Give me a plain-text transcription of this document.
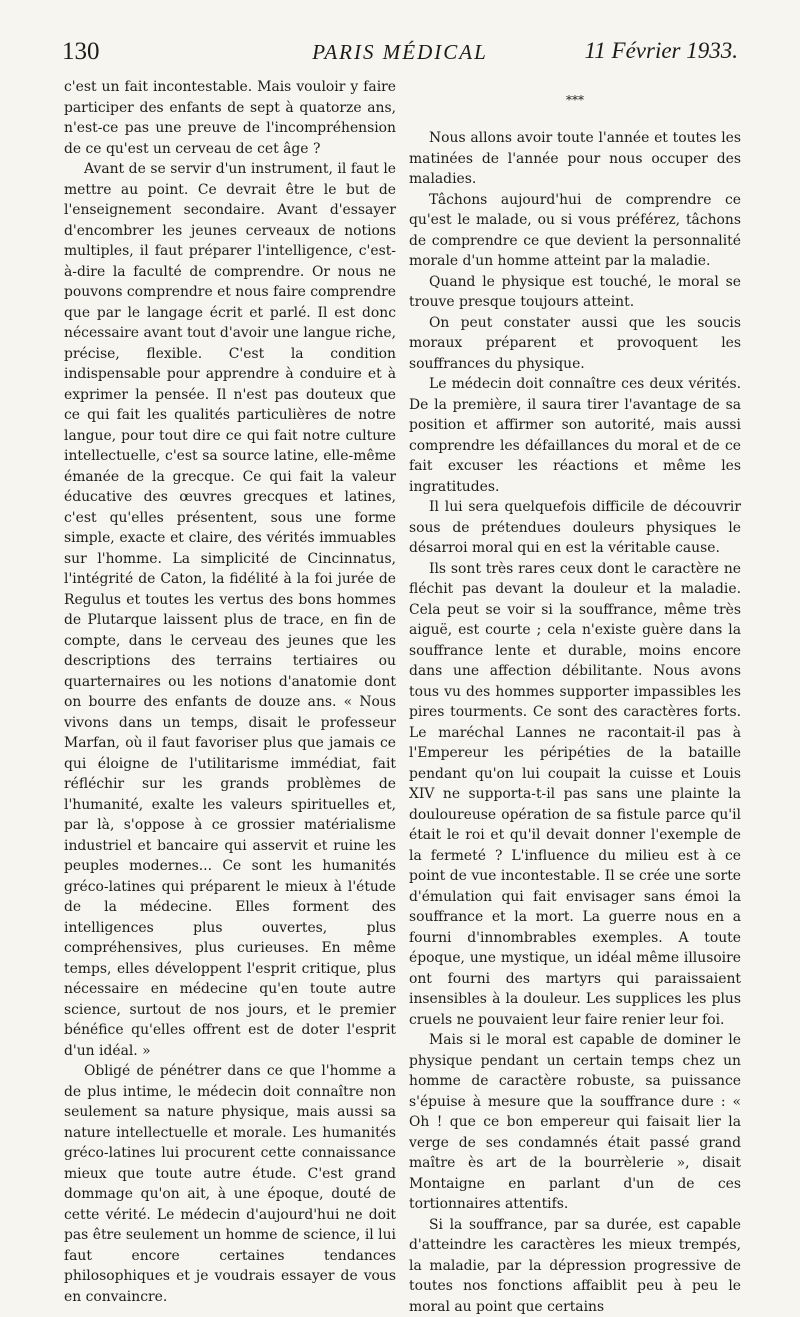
130	PARIS MÉDICAL	11 Février 1933.

c'est un fait incontestable. Mais vouloir y faire participer des enfants de sept à quatorze ans, n'est-ce pas une preuve de l'incompréhension de ce qu'est un cerveau de cet âge ?

Avant de se servir d'un instrument, il faut le mettre au point. Ce devrait être le but de l'enseignement secondaire. Avant d'essayer d'encombrer les jeunes cerveaux de notions multiples, il faut préparer l'intelligence, c'est-à-dire la faculté de comprendre. Or nous ne pouvons comprendre et nous faire comprendre que par le langage écrit et parlé. Il est donc nécessaire avant tout d'avoir une langue riche, précise, flexible. C'est la condition indispensable pour apprendre à conduire et à exprimer la pensée. Il n'est pas douteux que ce qui fait les qualités particulières de notre langue, pour tout dire ce qui fait notre culture intellectuelle, c'est sa source latine, elle-même émanée de la grecque. Ce qui fait la valeur éducative des œuvres grecques et latines, c'est qu'elles présentent, sous une forme simple, exacte et claire, des vérités immuables sur l'homme. La simplicité de Cincinnatus, l'intégrité de Caton, la fidélité à la foi jurée de Regulus et toutes les vertus des bons hommes de Plutarque laissent plus de trace, en fin de compte, dans le cerveau des jeunes que les descriptions des terrains tertiaires ou quarternaires ou les notions d'anatomie dont on bourre des enfants de douze ans. « Nous vivons dans un temps, disait le professeur Marfan, où il faut favoriser plus que jamais ce qui éloigne de l'utilitarisme immédiat, fait réfléchir sur les grands problèmes de l'humanité, exalte les valeurs spirituelles et, par là, s'oppose à ce grossier matérialisme industriel et bancaire qui asservit et ruine les peuples modernes... Ce sont les humanités gréco-latines qui préparent le mieux à l'étude de la médecine. Elles forment des intelligences plus ouvertes, plus compréhensives, plus curieuses. En même temps, elles développent l'esprit critique, plus nécessaire en médecine qu'en toute autre science, surtout de nos jours, et le premier bénéfice qu'elles offrent est de doter l'esprit d'un idéal. »

Obligé de pénétrer dans ce que l'homme a de plus intime, le médecin doit connaître non seulement sa nature physique, mais aussi sa nature intellectuelle et morale. Les humanités gréco-latines lui procurent cette connaissance mieux que toute autre étude. C'est grand dommage qu'on ait, à une époque, douté de cette vérité. Le médecin d'aujourd'hui ne doit pas être seulement un homme de science, il lui faut encore certaines tendances philosophiques et je voudrais essayer de vous en convaincre.

***

Nous allons avoir toute l'année et toutes les matinées de l'année pour nous occuper des maladies.

Tâchons aujourd'hui de comprendre ce qu'est le malade, ou si vous préférez, tâchons de comprendre ce que devient la personnalité morale d'un homme atteint par la maladie.

Quand le physique est touché, le moral se trouve presque toujours atteint.

On peut constater aussi que les soucis moraux préparent et provoquent les souffrances du physique.

Le médecin doit connaître ces deux vérités. De la première, il saura tirer l'avantage de sa position et affirmer son autorité, mais aussi comprendre les défaillances du moral et de ce fait excuser les réactions et même les ingratitudes.

Il lui sera quelquefois difficile de découvrir sous de prétendues douleurs physiques le désarroi moral qui en est la véritable cause.

Ils sont très rares ceux dont le caractère ne fléchit pas devant la douleur et la maladie. Cela peut se voir si la souffrance, même très aiguë, est courte ; cela n'existe guère dans la souffrance lente et durable, moins encore dans une affection débilitante. Nous avons tous vu des hommes supporter impassibles les pires tourments. Ce sont des caractères forts. Le maréchal Lannes ne racontait-il pas à l'Empereur les péripéties de la bataille pendant qu'on lui coupait la cuisse et Louis XIV ne supporta-t-il pas sans une plainte la douloureuse opération de sa fistule parce qu'il était le roi et qu'il devait donner l'exemple de la fermeté ? L'influence du milieu est à ce point de vue incontestable. Il se crée une sorte d'émulation qui fait envisager sans émoi la souffrance et la mort. La guerre nous en a fourni d'innombrables exemples. A toute époque, une mystique, un idéal même illusoire ont fourni des martyrs qui paraissaient insensibles à la douleur. Les supplices les plus cruels ne pouvaient leur faire renier leur foi.

Mais si le moral est capable de dominer le physique pendant un certain temps chez un homme de caractère robuste, sa puissance s'épuise à mesure que la souffrance dure : « Oh ! que ce bon empereur qui faisait lier la verge de ses condamnés était passé grand maître ès art de la bourrèlerie », disait Montaigne en parlant d'un de ces tortionnaires attentifs.

Si la souffrance, par sa durée, est capable d'atteindre les caractères les mieux trempés, la maladie, par la dépression progressive de toutes nos fonctions affaiblit peu à peu le moral au point que certains
